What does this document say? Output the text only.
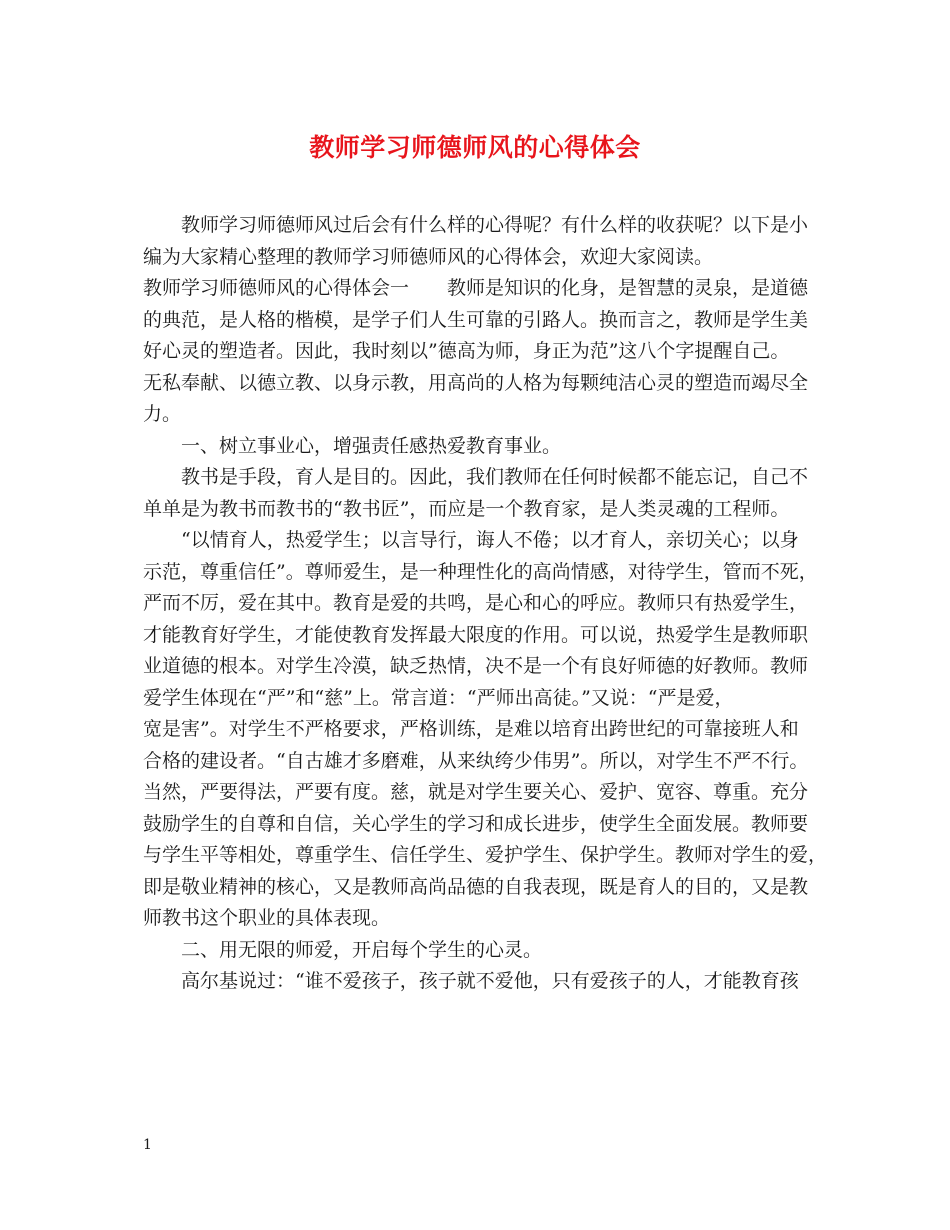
教师学习师德师风的心得体会
　　教师学习师德师风过后会有什么样的心得呢？有什么样的收获呢？以下是小
编为大家精心整理的教师学习师德师风的心得体会，欢迎大家阅读。
教师学习师德师风的心得体会一　　教师是知识的化身，是智慧的灵泉，是道德
的典范，是人格的楷模，是学子们人生可靠的引路人。换而言之，教师是学生美
好心灵的塑造者。因此，我时刻以”德高为师，身正为范”这八个字提醒自己。
无私奉献、以德立教、以身示教，用高尚的人格为每颗纯洁心灵的塑造而竭尽全
力。
　　一、树立事业心，增强责任感热爱教育事业。
　　教书是手段，育人是目的。因此，我们教师在任何时候都不能忘记，自己不
单单是为教书而教书的“教书匠”，而应是一个教育家，是人类灵魂的工程师。
　　“以情育人，热爱学生；以言导行，诲人不倦；以才育人，亲切关心；以身
示范，尊重信任”。尊师爱生，是一种理性化的高尚情感，对待学生，管而不死，
严而不厉，爱在其中。教育是爱的共鸣，是心和心的呼应。教师只有热爱学生，
才能教育好学生，才能使教育发挥最大限度的作用。可以说，热爱学生是教师职
业道德的根本。对学生冷漠，缺乏热情，决不是一个有良好师德的好教师。教师
爱学生体现在“严”和“慈”上。常言道：“严师出高徒。”又说：“严是爱，
宽是害”。对学生不严格要求，严格训练，是难以培育出跨世纪的可靠接班人和
合格的建设者。“自古雄才多磨难，从来纨绔少伟男”。所以，对学生不严不行。
当然，严要得法，严要有度。慈，就是对学生要关心、爱护、宽容、尊重。充分
鼓励学生的自尊和自信，关心学生的学习和成长进步，使学生全面发展。教师要
与学生平等相处，尊重学生、信任学生、爱护学生、保护学生。教师对学生的爱，
即是敬业精神的核心，又是教师高尚品德的自我表现，既是育人的目的，又是教
师教书这个职业的具体表现。
　　二、用无限的师爱，开启每个学生的心灵。
　　高尔基说过：“谁不爱孩子，孩子就不爱他，只有爱孩子的人，才能教育孩
1
